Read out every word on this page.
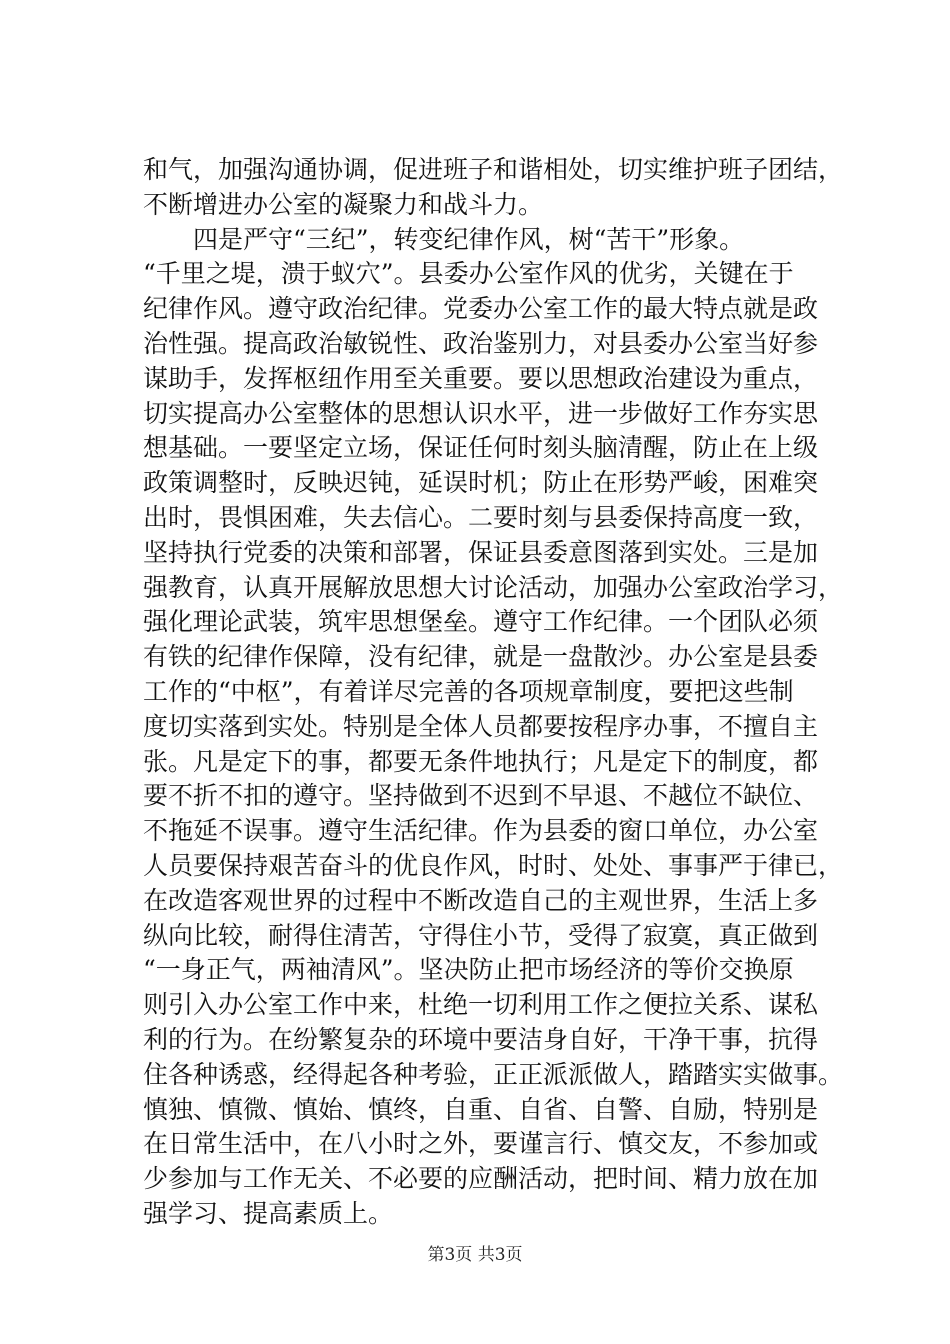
和气，加强沟通协调，促进班子和谐相处，切实维护班子团结，
不断增进办公室的凝聚力和战斗力。
　　四是严守“三纪”，转变纪律作风，树“苦干”形象。
“千里之堤，溃于蚁穴”。县委办公室作风的优劣，关键在于
纪律作风。遵守政治纪律。党委办公室工作的最大特点就是政
治性强。提高政治敏锐性、政治鉴别力，对县委办公室当好参
谋助手，发挥枢纽作用至关重要。要以思想政治建设为重点，
切实提高办公室整体的思想认识水平，进一步做好工作夯实思
想基础。一要坚定立场，保证任何时刻头脑清醒，防止在上级
政策调整时，反映迟钝，延误时机；防止在形势严峻，困难突
出时，畏惧困难，失去信心。二要时刻与县委保持高度一致，
坚持执行党委的决策和部署，保证县委意图落到实处。三是加
强教育，认真开展解放思想大讨论活动，加强办公室政治学习，
强化理论武装，筑牢思想堡垒。遵守工作纪律。一个团队必须
有铁的纪律作保障，没有纪律，就是一盘散沙。办公室是县委
工作的“中枢”，有着详尽完善的各项规章制度，要把这些制
度切实落到实处。特别是全体人员都要按程序办事，不擅自主
张。凡是定下的事，都要无条件地执行；凡是定下的制度，都
要不折不扣的遵守。坚持做到不迟到不早退、不越位不缺位、
不拖延不误事。遵守生活纪律。作为县委的窗口单位，办公室
人员要保持艰苦奋斗的优良作风，时时、处处、事事严于律已，
在改造客观世界的过程中不断改造自己的主观世界，生活上多
纵向比较，耐得住清苦，守得住小节，受得了寂寞，真正做到
“一身正气，两袖清风”。坚决防止把市场经济的等价交换原
则引入办公室工作中来，杜绝一切利用工作之便拉关系、谋私
利的行为。在纷繁复杂的环境中要洁身自好，干净干事，抗得
住各种诱惑，经得起各种考验，正正派派做人，踏踏实实做事。
慎独、慎微、慎始、慎终，自重、自省、自警、自励，特别是
在日常生活中，在八小时之外，要谨言行、慎交友，不参加或
少参加与工作无关、不必要的应酬活动，把时间、精力放在加
强学习、提高素质上。
第3页 共3页
